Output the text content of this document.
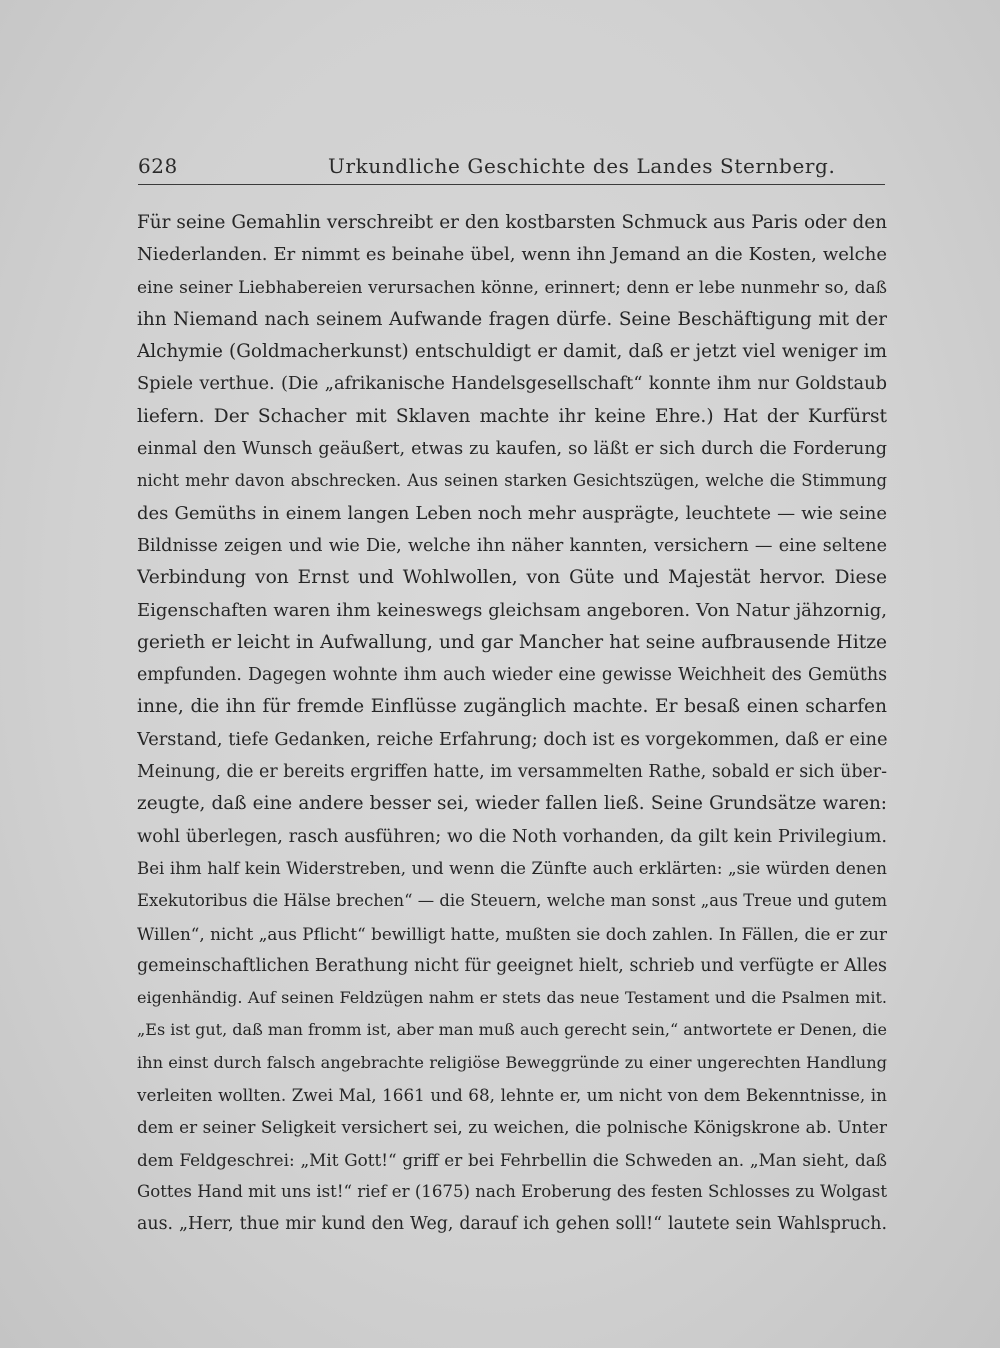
628	Urkundliche Geschichte des Landes Sternberg.
Für seine Gemahlin verschreibt er den kostbarsten Schmuck aus Paris oder den
Niederlanden. Er nimmt es beinahe übel, wenn ihn Jemand an die Kosten, welche
eine seiner Liebhabereien verursachen könne, erinnert; denn er lebe nunmehr so, daß
ihn Niemand nach seinem Aufwande fragen dürfe. Seine Beschäftigung mit der
Alchymie (Goldmacherkunst) entschuldigt er damit, daß er jetzt viel weniger im
Spiele verthue. (Die „afrikanische Handelsgesellschaft“ konnte ihm nur Goldstaub
liefern. Der Schacher mit Sklaven machte ihr keine Ehre.) Hat der Kurfürst
einmal den Wunsch geäußert, etwas zu kaufen, so läßt er sich durch die Forderung
nicht mehr davon abschrecken. Aus seinen starken Gesichtszügen, welche die Stimmung
des Gemüths in einem langen Leben noch mehr ausprägte, leuchtete — wie seine
Bildnisse zeigen und wie Die, welche ihn näher kannten, versichern — eine seltene
Verbindung von Ernst und Wohlwollen, von Güte und Majestät hervor. Diese
Eigenschaften waren ihm keineswegs gleichsam angeboren. Von Natur jähzornig,
gerieth er leicht in Aufwallung, und gar Mancher hat seine aufbrausende Hitze
empfunden. Dagegen wohnte ihm auch wieder eine gewisse Weichheit des Gemüths
inne, die ihn für fremde Einflüsse zugänglich machte. Er besaß einen scharfen
Verstand, tiefe Gedanken, reiche Erfahrung; doch ist es vorgekommen, daß er eine
Meinung, die er bereits ergriffen hatte, im versammelten Rathe, sobald er sich über-
zeugte, daß eine andere besser sei, wieder fallen ließ. Seine Grundsätze waren:
wohl überlegen, rasch ausführen; wo die Noth vorhanden, da gilt kein Privilegium.
Bei ihm half kein Widerstreben, und wenn die Zünfte auch erklärten: „sie würden denen
Exekutoribus die Hälse brechen“ — die Steuern, welche man sonst „aus Treue und gutem
Willen“, nicht „aus Pflicht“ bewilligt hatte, mußten sie doch zahlen. In Fällen, die er zur
gemeinschaftlichen Berathung nicht für geeignet hielt, schrieb und verfügte er Alles
eigenhändig. Auf seinen Feldzügen nahm er stets das neue Testament und die Psalmen mit.
„Es ist gut, daß man fromm ist, aber man muß auch gerecht sein,“ antwortete er Denen, die
ihn einst durch falsch angebrachte religiöse Beweggründe zu einer ungerechten Handlung
verleiten wollten. Zwei Mal, 1661 und 68, lehnte er, um nicht von dem Bekenntnisse, in
dem er seiner Seligkeit versichert sei, zu weichen, die polnische Königskrone ab. Unter
dem Feldgeschrei: „Mit Gott!“ griff er bei Fehrbellin die Schweden an. „Man sieht, daß
Gottes Hand mit uns ist!“ rief er (1675) nach Eroberung des festen Schlosses zu Wolgast
aus. „Herr, thue mir kund den Weg, darauf ich gehen soll!“ lautete sein Wahlspruch.
